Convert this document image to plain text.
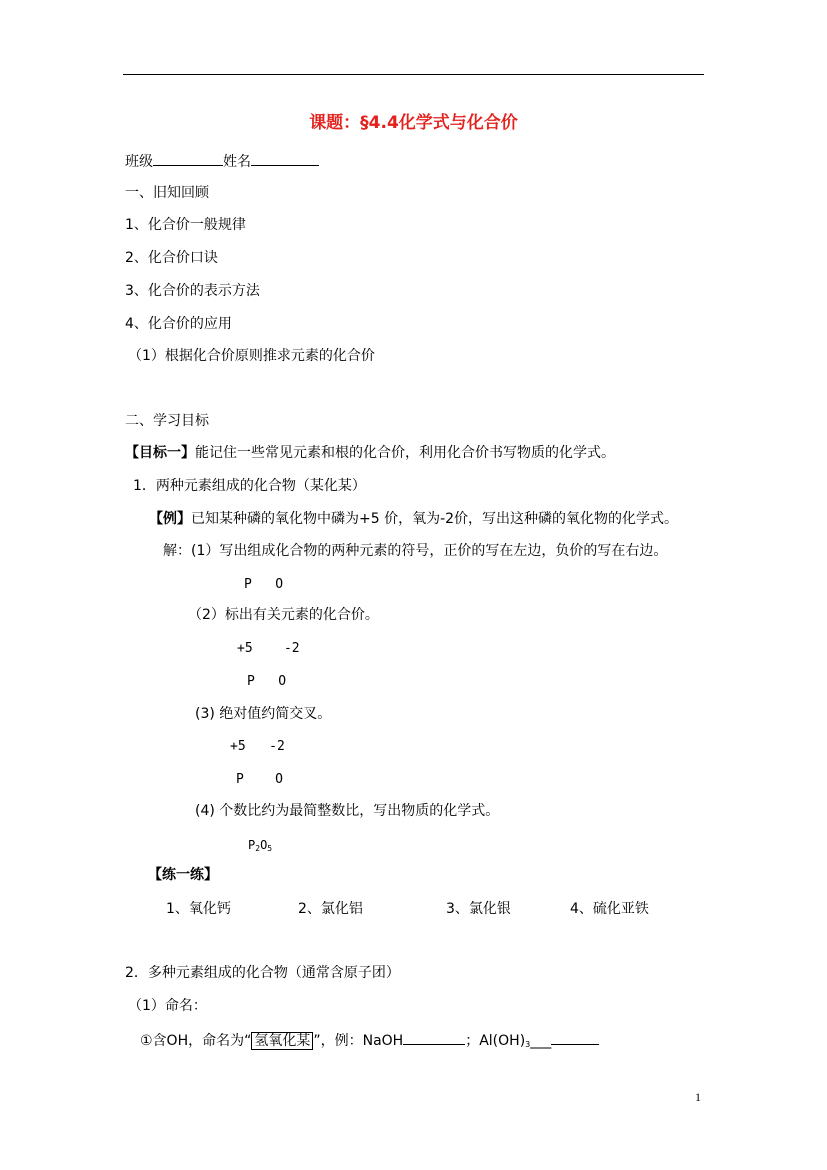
课题：§4.4化学式与化合价
班级	姓名
一、旧知回顾
1、化合价一般规律
2、化合价口诀
3、化合价的表示方法
4、化合价的应用
（1）根据化合价原则推求元素的化合价
二、学习目标
【目标一】能记住一些常见元素和根的化合价，利用化合价书写物质的化学式。
1．两种元素组成的化合物（某化某）
【例】已知某种磷的氧化物中磷为+5 价，氧为-2价，写出这种磷的氧化物的化学式。
解：(1）写出组成化合物的两种元素的符号，正价的写在左边，负价的写在右边。
P   O
（2）标出有关元素的化合价。
+5    -2
P   O
(3) 绝对值约简交叉。
+5   -2
P    O
(4) 个数比约为最简整数比，写出物质的化学式。
$P_2O_5$
【练一练】
1、氧化钙	2、氯化铝	3、氯化银	4、硫化亚铁
2．多种元素组成的化合物（通常含原子团）
（1）命名：
①含OH，命名为“ 氢氧化某 ”，例：NaOH	；$Al(OH)_3\_\_\_$
1
